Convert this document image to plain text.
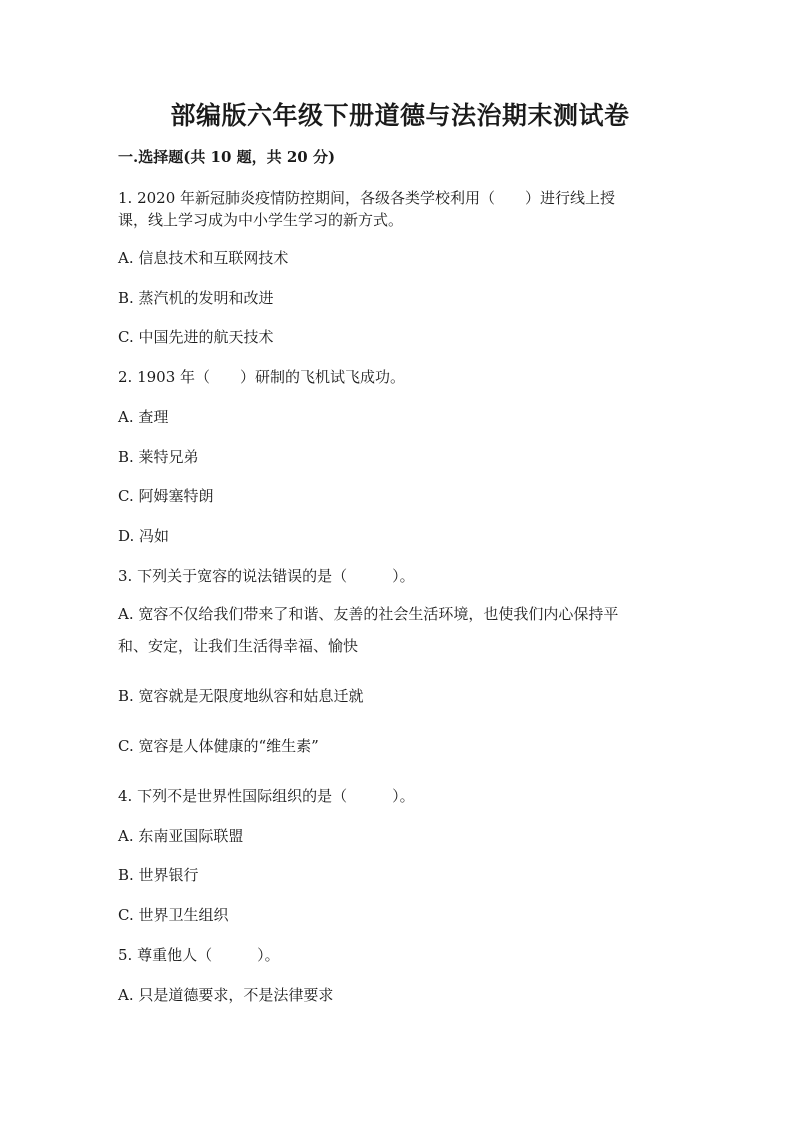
部编版六年级下册道德与法治期末测试卷
一.选择题(共 10 题，共 20 分)
1. 2020 年新冠肺炎疫情防控期间，各级各类学校利用（　　）进行线上授
课，线上学习成为中小学生学习的新方式。
A. 信息技术和互联网技术
B. 蒸汽机的发明和改进
C. 中国先进的航天技术
2. 1903 年（　　）研制的飞机试飞成功。
A. 查理
B. 莱特兄弟
C. 阿姆塞特朗
D. 冯如
3. 下列关于宽容的说法错误的是（　　　）。
A. 宽容不仅给我们带来了和谐、友善的社会生活环境，也使我们内心保持平
和、安定，让我们生活得幸福、愉快
B. 宽容就是无限度地纵容和姑息迁就
C. 宽容是人体健康的“维生素”
4. 下列不是世界性国际组织的是（　　　）。
A. 东南亚国际联盟
B. 世界银行
C. 世界卫生组织
5. 尊重他人（　　　）。
A. 只是道德要求，不是法律要求
